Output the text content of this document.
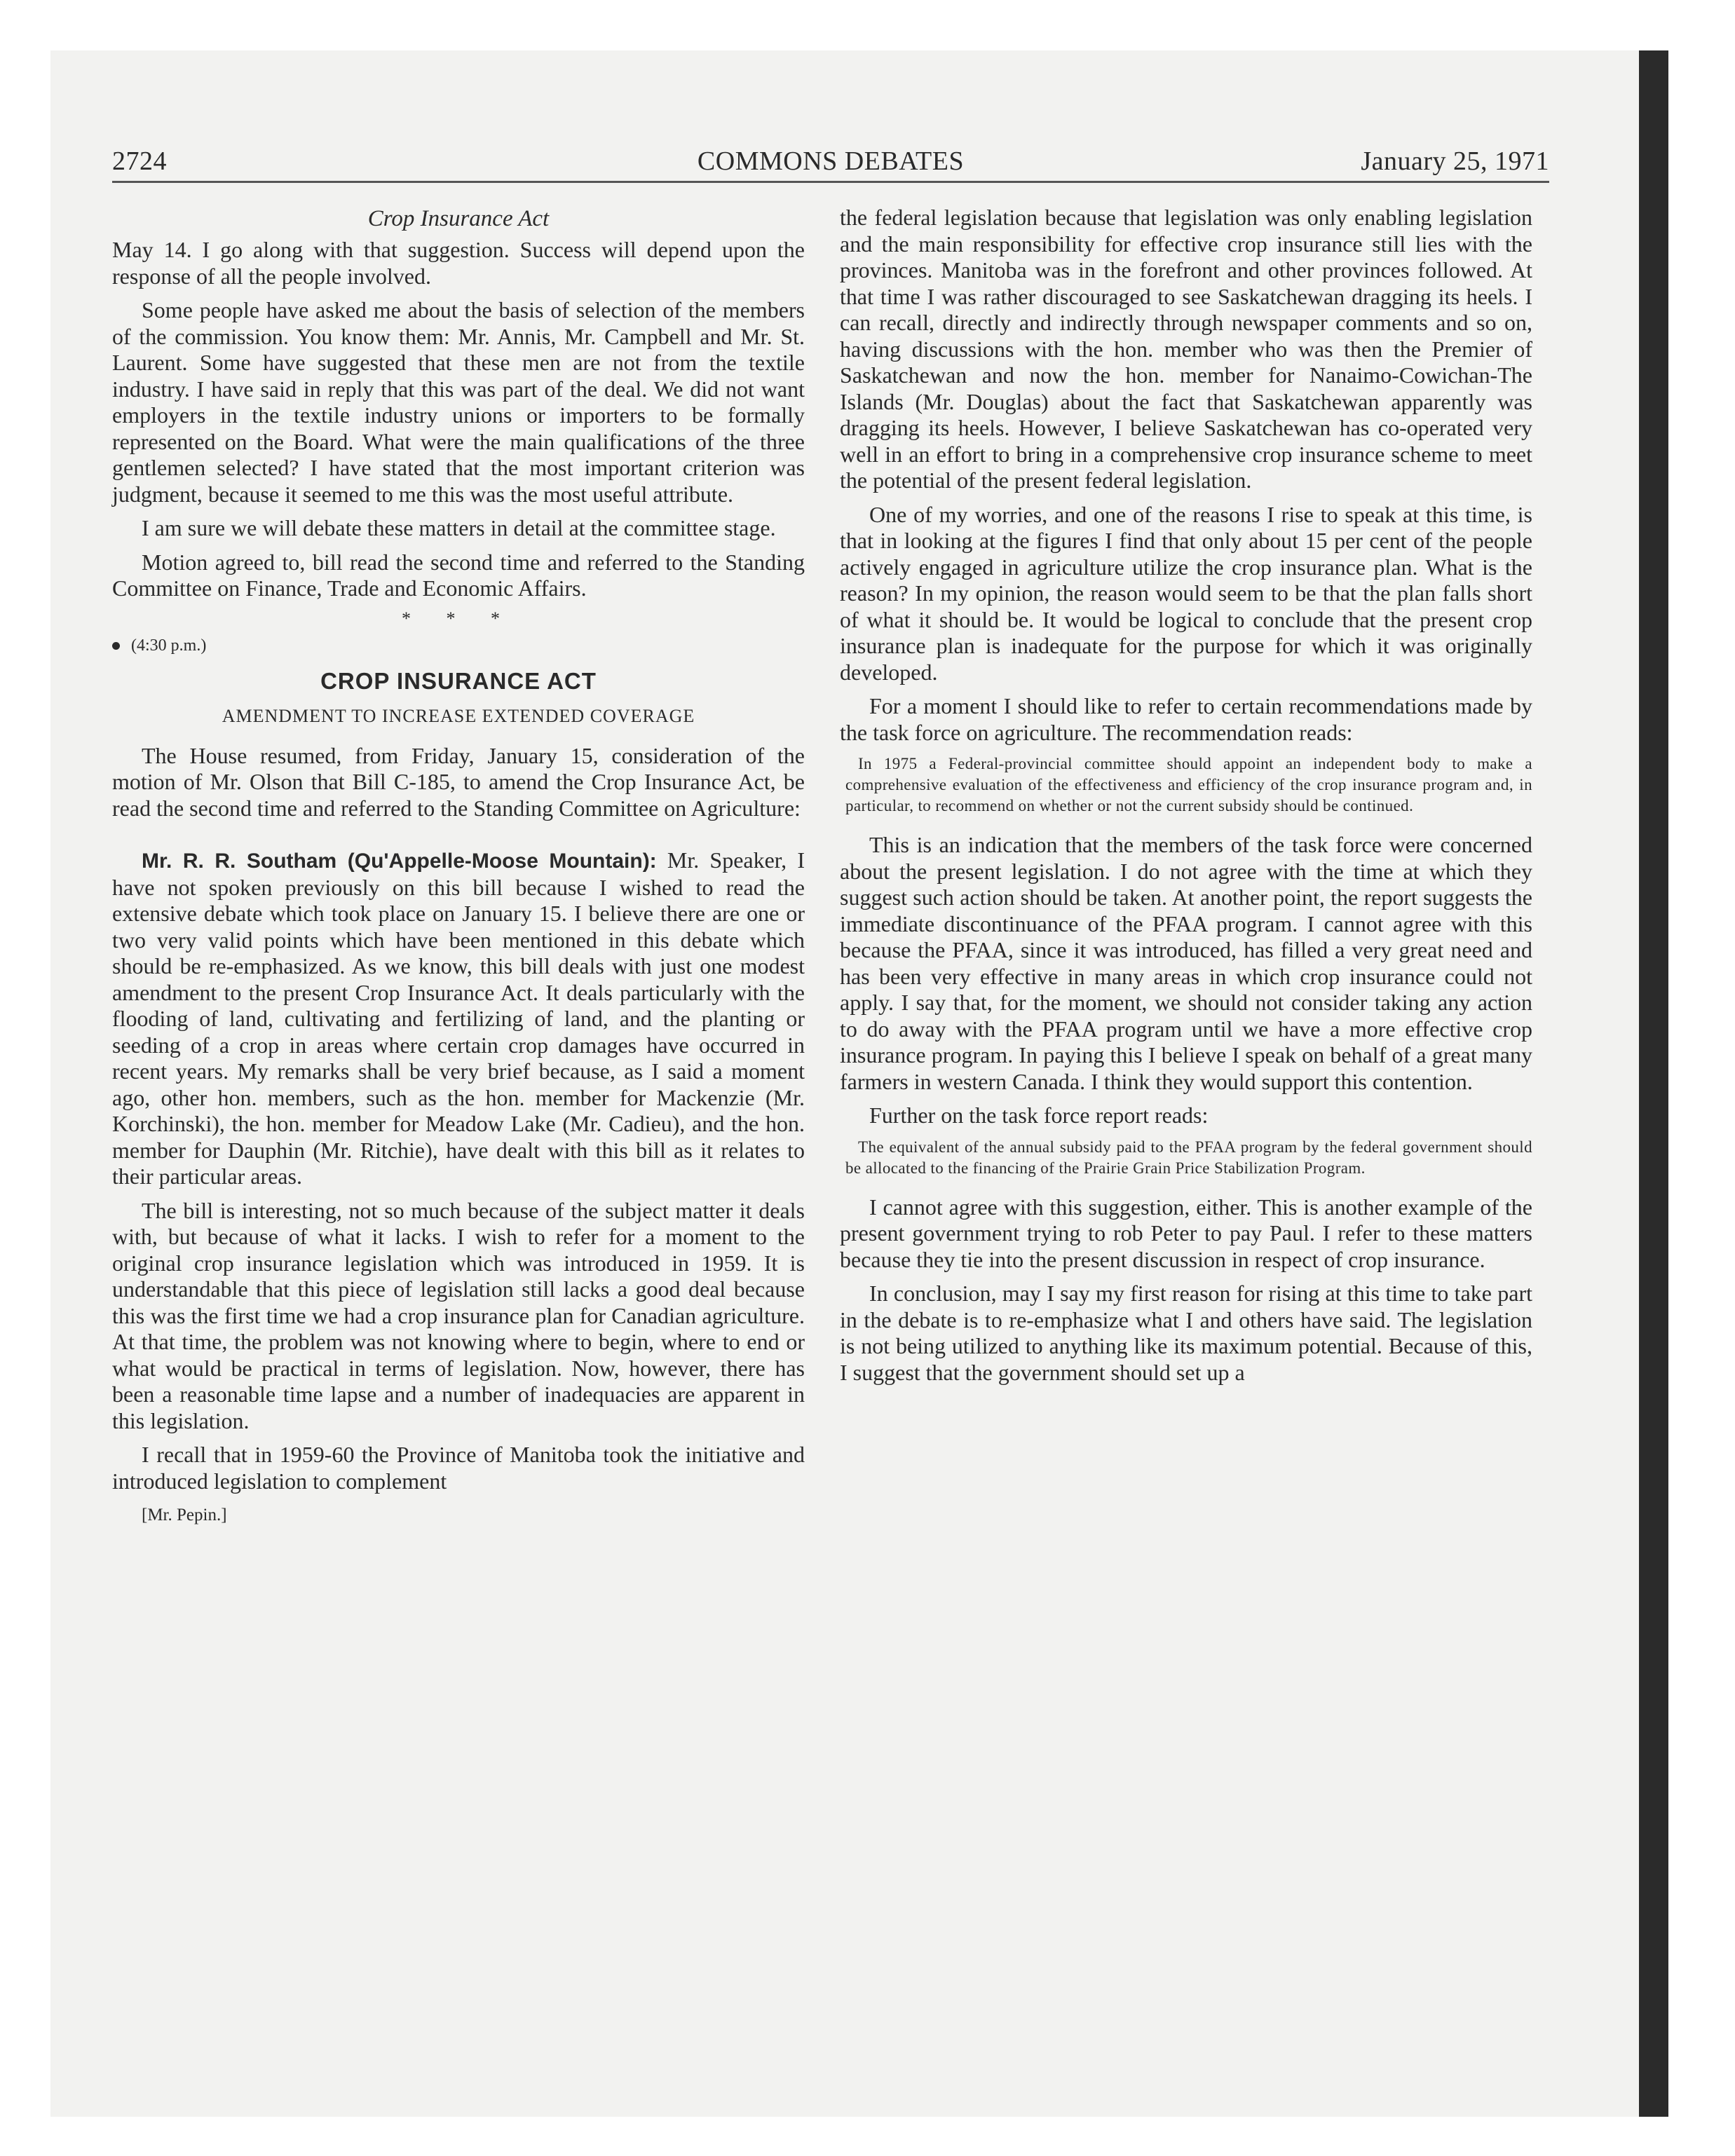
2724	COMMONS DEBATES	January 25, 1971
Crop Insurance Act

May 14. I go along with that suggestion. Success will depend upon the response of all the people involved.

Some people have asked me about the basis of selection of the members of the commission. You know them: Mr. Annis, Mr. Campbell and Mr. St. Laurent. Some have suggested that these men are not from the textile industry. I have said in reply that this was part of the deal. We did not want employers in the textile industry unions or importers to be formally represented on the Board. What were the main qualifications of the three gentlemen selected? I have stated that the most important criterion was judgment, because it seemed to me this was the most useful attribute.

I am sure we will debate these matters in detail at the committee stage.

Motion agreed to, bill read the second time and referred to the Standing Committee on Finance, Trade and Economic Affairs.

* * *
(4:30 p.m.)
CROP INSURANCE ACT
AMENDMENT TO INCREASE EXTENDED COVERAGE

The House resumed, from Friday, January 15, consideration of the motion of Mr. Olson that Bill C-185, to amend the Crop Insurance Act, be read the second time and referred to the Standing Committee on Agriculture:

Mr. R. R. Southam (Qu'Appelle-Moose Mountain): Mr. Speaker, I have not spoken previously on this bill because I wished to read the extensive debate which took place on January 15. I believe there are one or two very valid points which have been mentioned in this debate which should be re-emphasized. As we know, this bill deals with just one modest amendment to the present Crop Insurance Act. It deals particularly with the flooding of land, cultivating and fertilizing of land, and the planting or seeding of a crop in areas where certain crop damages have occurred in recent years. My remarks shall be very brief because, as I said a moment ago, other hon. members, such as the hon. member for Mackenzie (Mr. Korchinski), the hon. member for Meadow Lake (Mr. Cadieu), and the hon. member for Dauphin (Mr. Ritchie), have dealt with this bill as it relates to their particular areas.

The bill is interesting, not so much because of the subject matter it deals with, but because of what it lacks. I wish to refer for a moment to the original crop insurance legislation which was introduced in 1959. It is understandable that this piece of legislation still lacks a good deal because this was the first time we had a crop insurance plan for Canadian agriculture. At that time, the problem was not knowing where to begin, where to end or what would be practical in terms of legislation. Now, however, there has been a reasonable time lapse and a number of inadequacies are apparent in this legislation.

I recall that in 1959-60 the Province of Manitoba took the initiative and introduced legislation to complement

[Mr. Pepin.]

the federal legislation because that legislation was only enabling legislation and the main responsibility for effective crop insurance still lies with the provinces. Manitoba was in the forefront and other provinces followed. At that time I was rather discouraged to see Saskatchewan dragging its heels. I can recall, directly and indirectly through newspaper comments and so on, having discussions with the hon. member who was then the Premier of Saskatchewan and now the hon. member for Nanaimo-Cowichan-The Islands (Mr. Douglas) about the fact that Saskatchewan apparently was dragging its heels. However, I believe Saskatchewan has co-operated very well in an effort to bring in a comprehensive crop insurance scheme to meet the potential of the present federal legislation.

One of my worries, and one of the reasons I rise to speak at this time, is that in looking at the figures I find that only about 15 per cent of the people actively engaged in agriculture utilize the crop insurance plan. What is the reason? In my opinion, the reason would seem to be that the plan falls short of what it should be. It would be logical to conclude that the present crop insurance plan is inadequate for the purpose for which it was originally developed.

For a moment I should like to refer to certain recommendations made by the task force on agriculture. The recommendation reads:

In 1975 a Federal-provincial committee should appoint an independent body to make a comprehensive evaluation of the effectiveness and efficiency of the crop insurance program and, in particular, to recommend on whether or not the current subsidy should be continued.

This is an indication that the members of the task force were concerned about the present legislation. I do not agree with the time at which they suggest such action should be taken. At another point, the report suggests the immediate discontinuance of the PFAA program. I cannot agree with this because the PFAA, since it was introduced, has filled a very great need and has been very effective in many areas in which crop insurance could not apply. I say that, for the moment, we should not consider taking any action to do away with the PFAA program until we have a more effective crop insurance program. In paying this I believe I speak on behalf of a great many farmers in western Canada. I think they would support this contention.

Further on the task force report reads:

The equivalent of the annual subsidy paid to the PFAA program by the federal government should be allocated to the financing of the Prairie Grain Price Stabilization Program.

I cannot agree with this suggestion, either. This is another example of the present government trying to rob Peter to pay Paul. I refer to these matters because they tie into the present discussion in respect of crop insurance.

In conclusion, may I say my first reason for rising at this time to take part in the debate is to re-emphasize what I and others have said. The legislation is not being utilized to anything like its maximum potential. Because of this, I suggest that the government should set up a
